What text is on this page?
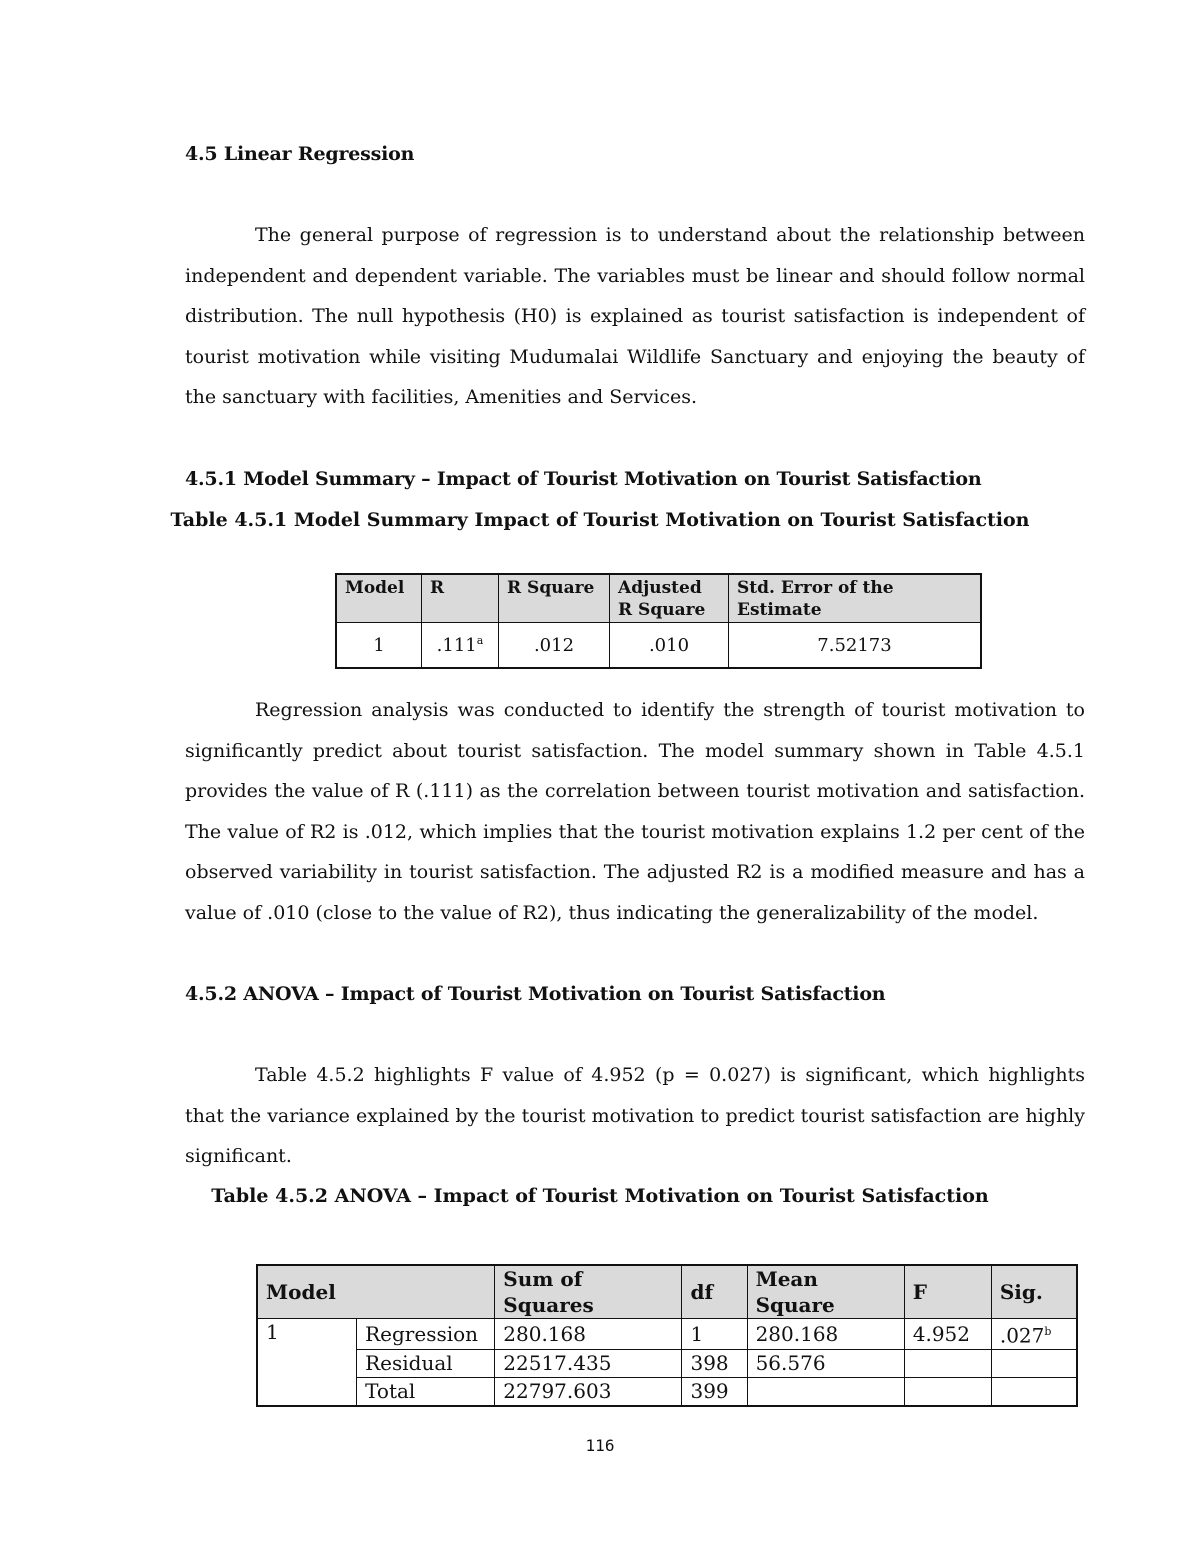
4.5 Linear Regression
The general purpose of regression is to understand about the relationship between independent and dependent variable. The variables must be linear and should follow normal distribution. The null hypothesis (H0) is explained as tourist satisfaction is independent of tourist motivation while visiting Mudumalai Wildlife Sanctuary and enjoying the beauty of the sanctuary with facilities, Amenities and Services.
4.5.1 Model Summary – Impact of Tourist Motivation on Tourist Satisfaction
Table 4.5.1 Model Summary Impact of Tourist Motivation on Tourist Satisfaction
Model	R	R Square	Adjusted R Square	Std. Error of the Estimate
1	.111$^a$	.012	.010	7.52173
Regression analysis was conducted to identify the strength of tourist motivation to significantly predict about tourist satisfaction. The model summary shown in Table 4.5.1 provides the value of R (.111) as the correlation between tourist motivation and satisfaction. The value of R2 is .012, which implies that the tourist motivation explains 1.2 per cent of the observed variability in tourist satisfaction. The adjusted R2 is a modified measure and has a value of .010 (close to the value of R2), thus indicating the generalizability of the model.
4.5.2 ANOVA – Impact of Tourist Motivation on Tourist Satisfaction
Table 4.5.2 highlights F value of 4.952 (p = 0.027) is significant, which highlights that the variance explained by the tourist motivation to predict tourist satisfaction are highly significant.
Table 4.5.2 ANOVA – Impact of Tourist Motivation on Tourist Satisfaction
Model		Sum of Squares	df	Mean Square	F	Sig.
1	Regression	280.168	1	280.168	4.952	.027$^b$
	Residual	22517.435	398	56.576		
	Total	22797.603	399			
116
